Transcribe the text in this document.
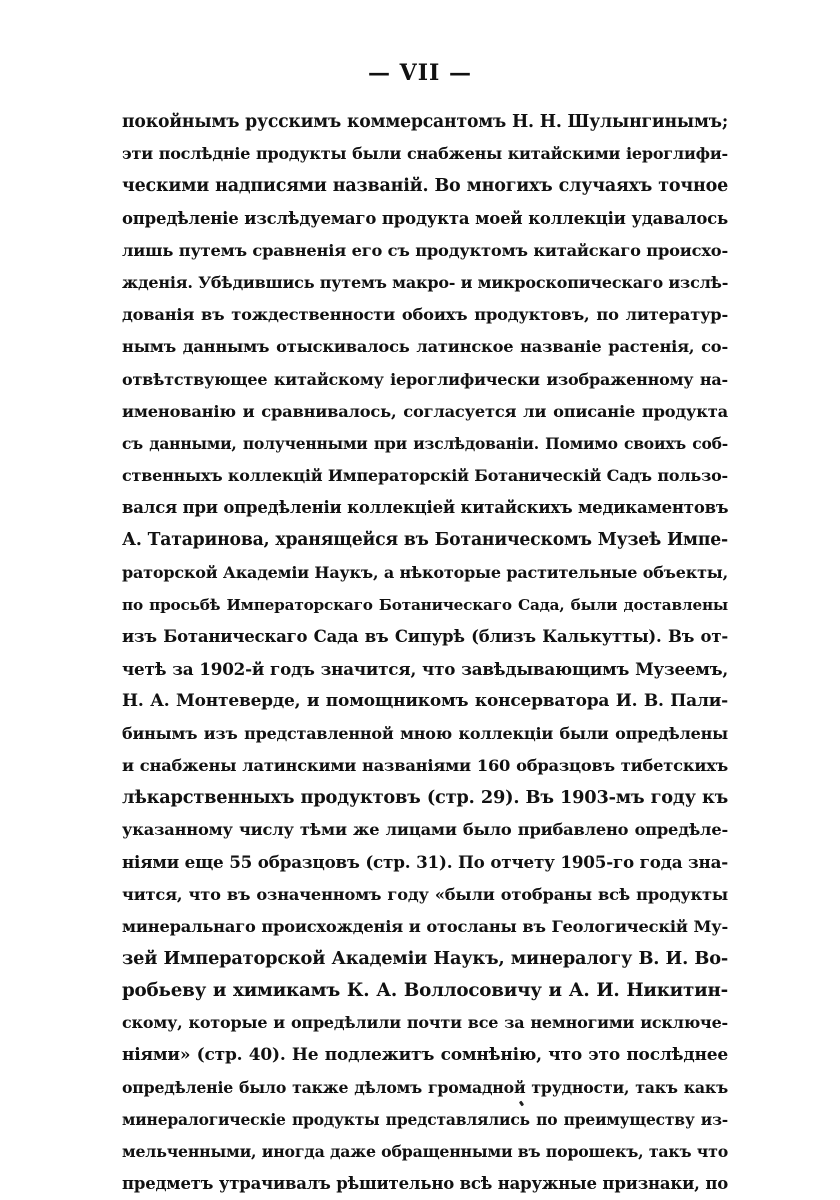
— VII —
покойнымъ русскимъ коммерсантомъ Н. Н. Шулынгинымъ;
эти послѣдніе продукты были снабжены китайскими іероглифи-
ческими надписями названій. Во многихъ случаяхъ точное
опредѣленіе изслѣдуемаго продукта моей коллекціи удавалось
лишь путемъ сравненія его съ продуктомъ китайскаго происхо-
жденія. Убѣдившись путемъ макро- и микроскопическаго изслѣ-
дованія въ тождественности обоихъ продуктовъ, по литератур-
нымъ даннымъ отыскивалось латинское названіе растенія, со-
отвѣтствующее китайскому іероглифически изображенному на-
именованію и сравнивалось, согласуется ли описаніе продукта
съ данными, полученными при изслѣдованіи. Помимо своихъ соб-
ственныхъ коллекцій Императорскій Ботаническій Садъ пользо-
вался при опредѣленіи коллекціей китайскихъ медикаментовъ
А. Татаринова, хранящейся въ Ботаническомъ Музеѣ Импе-
раторской Академіи Наукъ, а нѣкоторые растительные объекты,
по просьбѣ Императорскаго Ботаническаго Сада, были доставлены
изъ Ботаническаго Сада въ Сипурѣ (близъ Калькутты). Въ от-
четѣ за 1902-й годъ значится, что завѣдывающимъ Музеемъ,
Н. А. Монтеверде, и помощникомъ консерватора И. В. Пали-
бинымъ изъ представленной мною коллекціи были опредѣлены
и снабжены латинскими названіями 160 образцовъ тибетскихъ
лѣкарственныхъ продуктовъ (стр. 29). Въ 1903-мъ году къ
указанному числу тѣми же лицами было прибавлено опредѣле-
ніями еще 55 образцовъ (стр. 31). По отчету 1905-го года зна-
чится, что въ означенномъ году «были отобраны всѣ продукты
минеральнаго происхожденія и отосланы въ Геологическій Му-
зей Императорской Академіи Наукъ, минералогу В. И. Во-
робьеву и химикамъ К. А. Воллосовичу и А. И. Никитин-
скому, которые и опредѣлили почти все за немногими исключе-
ніями» (стр. 40). Не подлежитъ сомнѣнію, что это послѣднее
опредѣленіе было также дѣломъ громадной трудности, такъ какъ
минералогическіе продукты представлялись по преимуществу из-
мельченными, иногда даже обращенными въ порошекъ, такъ что
предметъ утрачивалъ рѣшительно всѣ наружные признаки, по
